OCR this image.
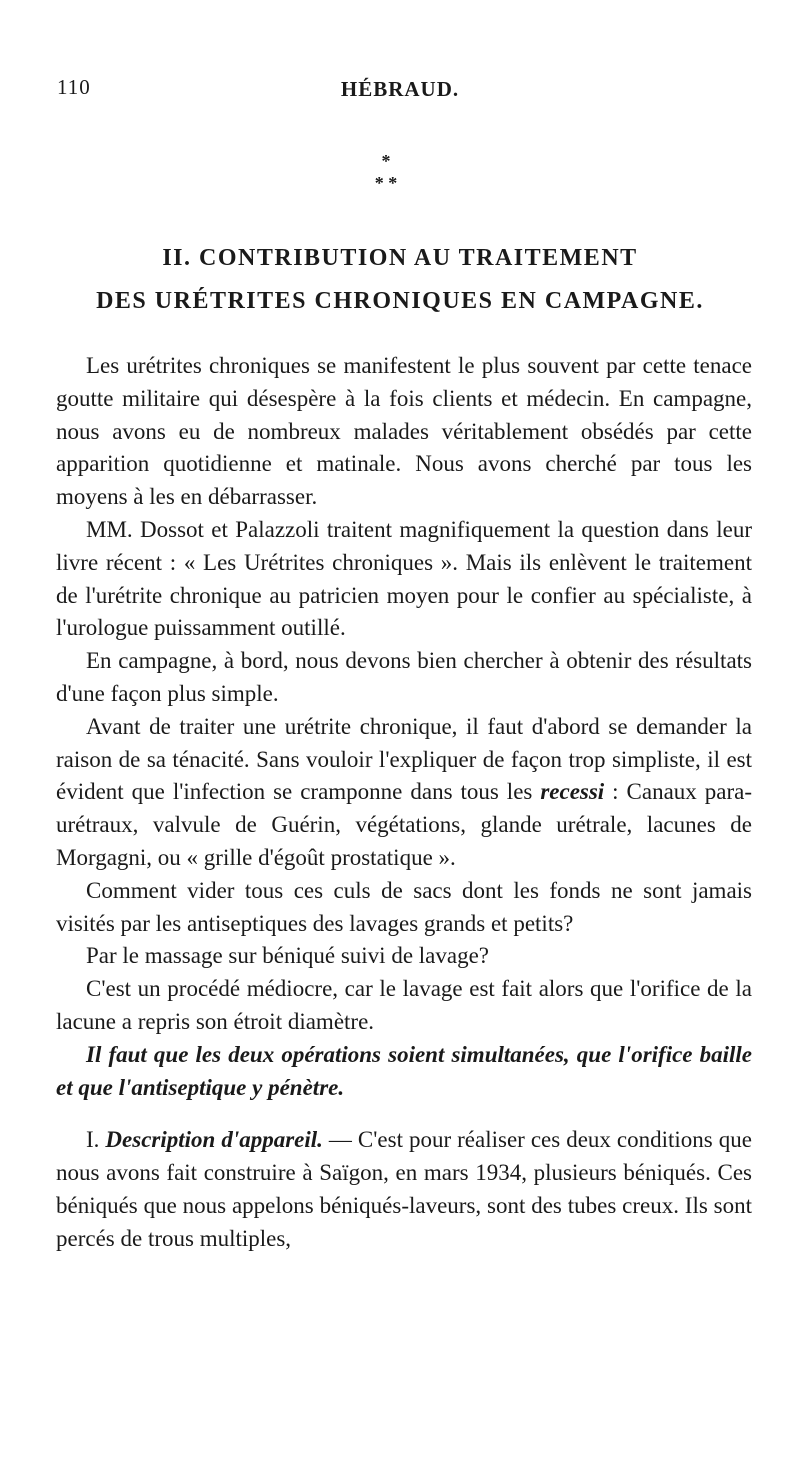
110	HÉBRAUD.
*
* *
II. CONTRIBUTION AU TRAITEMENT
DES URÉTRITES CHRONIQUES EN CAMPAGNE.

Les urétrites chroniques se manifestent le plus souvent par cette tenace goutte militaire qui désespère à la fois clients et médecin. En campagne, nous avons eu de nombreux malades véritablement obsédés par cette apparition quotidienne et matinale. Nous avons cherché par tous les moyens à les en débarrasser.

MM. Dossot et Palazzoli traitent magnifiquement la question dans leur livre récent : « Les Urétrites chroniques ». Mais ils enlèvent le traitement de l'urétrite chronique au patricien moyen pour le confier au spécialiste, à l'urologue puissamment outillé.

En campagne, à bord, nous devons bien chercher à obtenir des résultats d'une façon plus simple.

Avant de traiter une urétrite chronique, il faut d'abord se demander la raison de sa ténacité. Sans vouloir l'expliquer de façon trop simpliste, il est évident que l'infection se cramponne dans tous les recessi : Canaux para-urétraux, valvule de Guérin, végétations, glande urétrale, lacunes de Morgagni, ou « grille d'égoût prostatique ».

Comment vider tous ces culs de sacs dont les fonds ne sont jamais visités par les antiseptiques des lavages grands et petits?

Par le massage sur béniqué suivi de lavage?

C'est un procédé médiocre, car le lavage est fait alors que l'orifice de la lacune a repris son étroit diamètre.

Il faut que les deux opérations soient simultanées, que l'orifice baille et que l'antiseptique y pénètre.

I. Description d'appareil. — C'est pour réaliser ces deux conditions que nous avons fait construire à Saïgon, en mars 1934, plusieurs béniqués. Ces béniqués que nous appelons béniqués-laveurs, sont des tubes creux. Ils sont percés de trous multiples,
